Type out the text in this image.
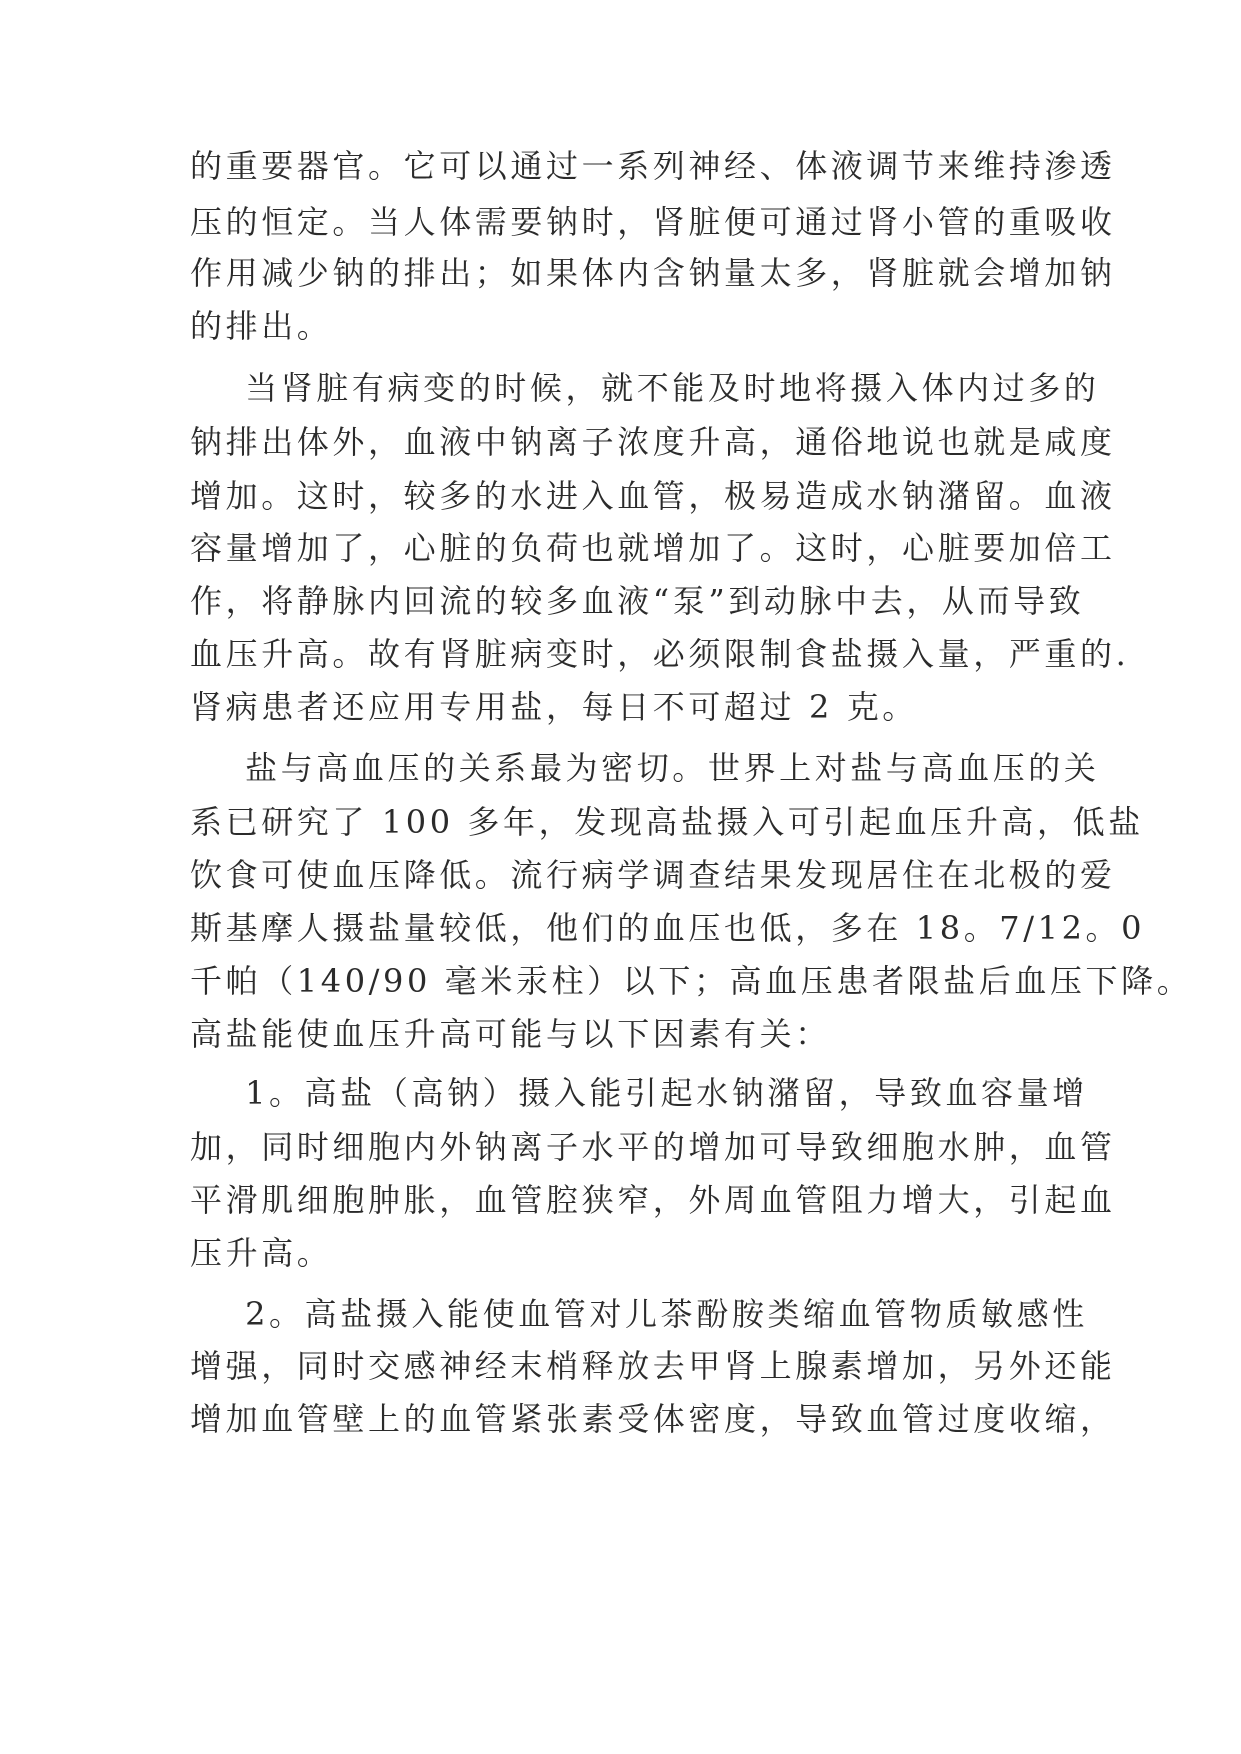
的重要器官。它可以通过一系列神经、体液调节来维持渗透
压的恒定。当人体需要钠时，肾脏便可通过肾小管的重吸收
作用减少钠的排出；如果体内含钠量太多，肾脏就会增加钠
的排出。
当肾脏有病变的时候，就不能及时地将摄入体内过多的
钠排出体外，血液中钠离子浓度升高，通俗地说也就是咸度
增加。这时，较多的水进入血管，极易造成水钠潴留。血液
容量增加了，心脏的负荷也就增加了。这时，心脏要加倍工
作，将静脉内回流的较多血液“泵”到动脉中去，从而导致
血压升高。故有肾脏病变时，必须限制食盐摄入量，严重的.
肾病患者还应用专用盐，每日不可超过 2 克。
盐与高血压的关系最为密切。世界上对盐与高血压的关
系已研究了 100 多年，发现高盐摄入可引起血压升高，低盐
饮食可使血压降低。流行病学调查结果发现居住在北极的爱
斯基摩人摄盐量较低，他们的血压也低，多在 18。7/12。0
千帕（140/90 毫米汞柱）以下；高血压患者限盐后血压下降。
高盐能使血压升高可能与以下因素有关：
1。高盐（高钠）摄入能引起水钠潴留，导致血容量增
加，同时细胞内外钠离子水平的增加可导致细胞水肿，血管
平滑肌细胞肿胀，血管腔狭窄，外周血管阻力增大，引起血
压升高。
2。高盐摄入能使血管对儿茶酚胺类缩血管物质敏感性
增强，同时交感神经末梢释放去甲肾上腺素增加，另外还能
增加血管壁上的血管紧张素受体密度，导致血管过度收缩，
